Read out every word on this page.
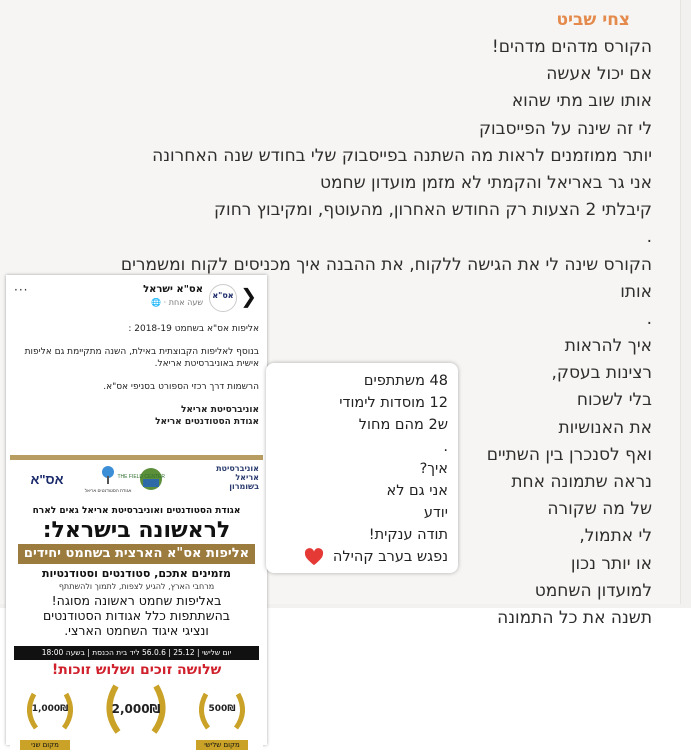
צחי שביט
הקורס מדהים מדהים!
אם יכול אעשה
אותו שוב מתי שהוא
לי זה שינה על הפייסבוק
יותר ממוזמנים לראות מה השתנה בפייסבוק שלי בחודש שנה האחרונה
אני גר באריאל והקמתי לא מזמן מועדון שחמט
קיבלתי 2 הצעות רק החודש האחרון, מהעוטף, ומקיבוץ רחוק
.
הקורס שינה לי את הגישה ללקוח, את ההבנה איך מכניסים לקוח ומשמרים
אותו
.
איך להראות
רצינות בעסק,
בלי לשכוח
את האנושיות
ואף לסנכרן בין השתיים
נראה שתמונה אחת
של מה שקורה
לי אתמול,
או יותר נכון
למועדון השחמט
תשנה את כל התמונה
❮
אס"א
אס"א ישראל
שעה אחת · 🌐
···

אליפות אס"א בשחמט 2018-19 :

בנוסף לאליפות הקבוצתית באילת, השנה מתקיימת גם אליפות אישית באוניברסיטת אריאל.

הרשמות דרך רכזי הספורט בסניפי אס"א.

אוניברסיטת אריאל
אגודת הסטודנטים אריאל
אוניברסיטת אריאל בשומרון
THE FIELD CENTER
אגודת הסטודנטים אריאל
אס"א
אגודת הסטודנטים ואוניברסיטת אריאל גאים לארח
לראשונה בישראל:
אליפות אס"א הארצית בשחמט יחידים
מזמינים אתכם, סטודנטים וסטודנטיות
מרחבי הארץ, להגיע לצפות, לתמוך ולהשתתף
באליפות שחמט ראשונה מסוגה!
בהשתתפות כלל אגודות הסטודנטים
ונציגי איגוד השחמט הארצי.
יום שלישי | 25.12 | 56.0.6 ליד בית הכנסת | בשעה 18:00
שלושה זוכים ושלוש זוכות!
1,000₪	2,000₪	500₪
מקום שני	מקום שלישי
48 משתתפים
12 מוסדות לימודי
ש2 מהם מחול
.
איך?
אני גם לא
יודע
תודה ענקית!
נפגש בערב קהילה
